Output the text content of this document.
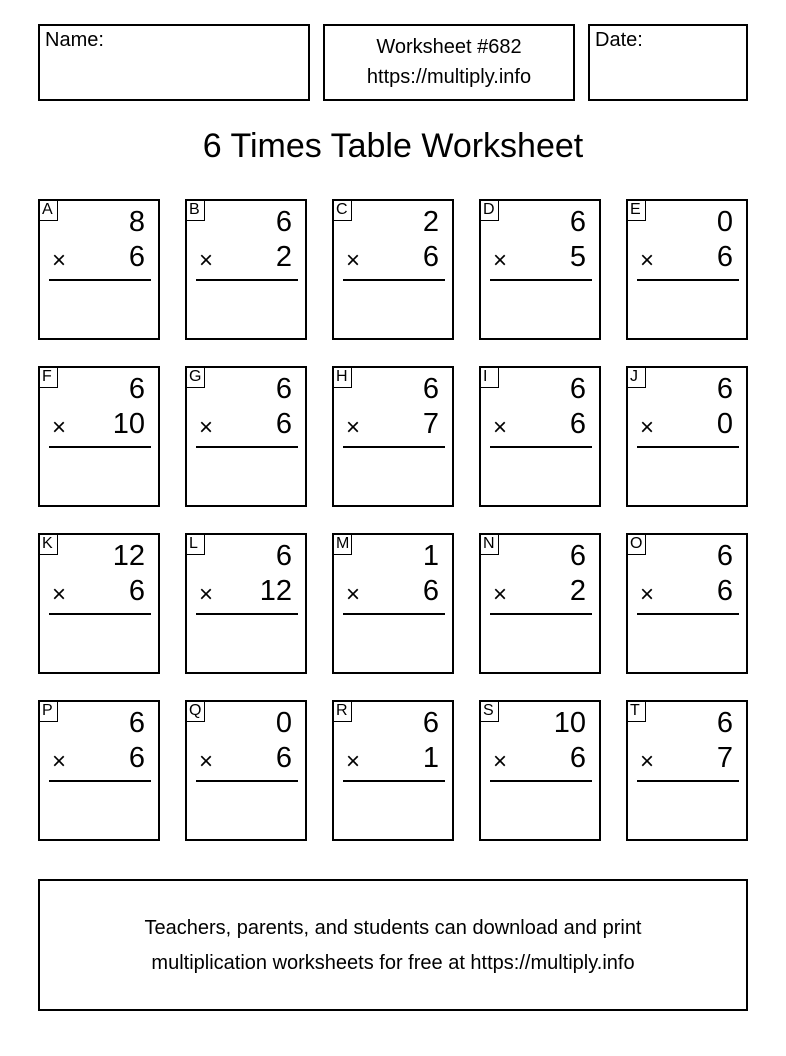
Name:	Worksheet #682
https://multiply.info
Date:
6 Times Table Worksheet
A	8
× 6
B	6
× 2
C	2
× 6
D	6
× 5
E	0
× 6
F	6
× 10
G	6
× 6
H	6
× 7
I	6
× 6
J	6
× 0
K 12
× 6
L	6
× 12
M	1
× 6
N	6
× 2
O	6
× 6
P	6
× 6
Q	0
× 6
R	6
× 1
S 10
× 6
T	6
× 7
Teachers, parents, and students can download and print
multiplication worksheets for free at https://multiply.info
